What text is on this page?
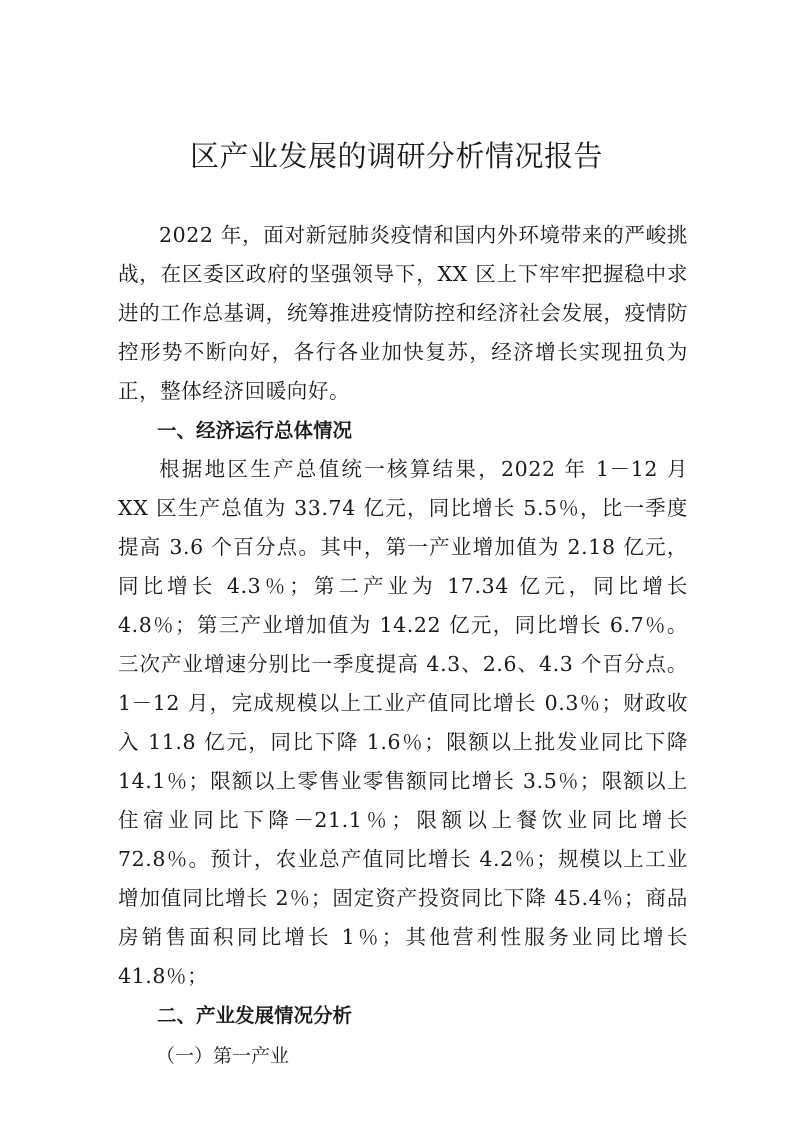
区产业发展的调研分析情况报告

2022 年，面对新冠肺炎疫情和国内外环境带来的严峻挑战，在区委区政府的坚强领导下，XX 区上下牢牢把握稳中求进的工作总基调，统筹推进疫情防控和经济社会发展，疫情防控形势不断向好，各行各业加快复苏，经济增长实现扭负为正，整体经济回暖向好。

一、经济运行总体情况

根据地区生产总值统一核算结果，2022 年 1－12 月 XX 区生产总值为 33.74 亿元，同比增长 5.5％，比一季度提高 3.6 个百分点。其中，第一产业增加值为 2.18 亿元，同比增长 4.3％；第二产业为 17.34 亿元，同比增长 4.8％；第三产业增加值为 14.22 亿元，同比增长 6.7％。三次产业增速分别比一季度提高 4.3、2.6、4.3 个百分点。1－12 月，完成规模以上工业产值同比增长 0.3％；财政收入 11.8 亿元，同比下降 1.6％；限额以上批发业同比下降 14.1％；限额以上零售业零售额同比增长 3.5％；限额以上住宿业同比下降－21.1％；限额以上餐饮业同比增长 72.8％。预计，农业总产值同比增长 4.2％；规模以上工业增加值同比增长 2％；固定资产投资同比下降 45.4％；商品房销售面积同比增长 1％；其他营利性服务业同比增长 41.8％；

二、产业发展情况分析

（一）第一产业
